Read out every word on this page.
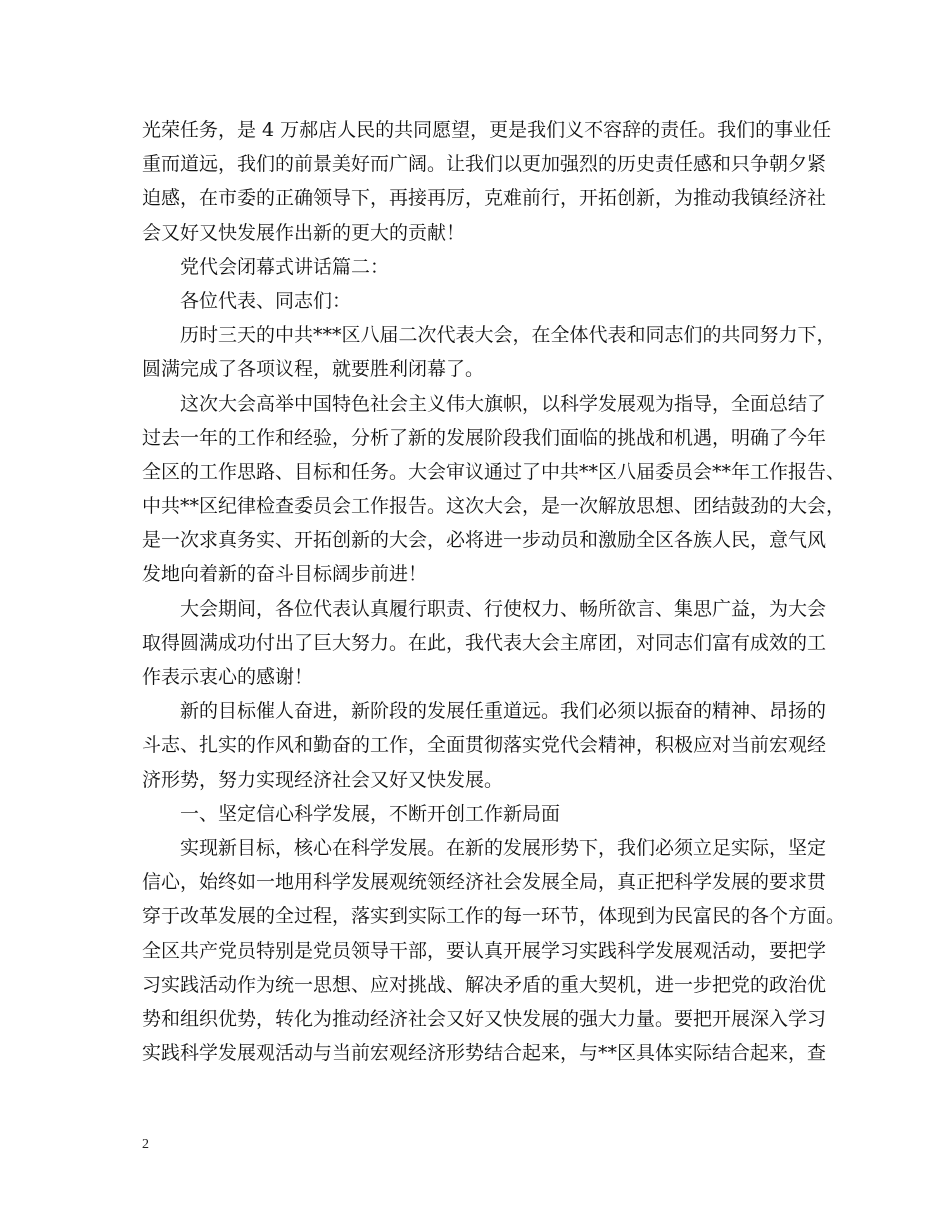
光荣任务，是 4 万郝店人民的共同愿望，更是我们义不容辞的责任。我们的事业任
重而道远，我们的前景美好而广阔。让我们以更加强烈的历史责任感和只争朝夕紧
迫感，在市委的正确领导下，再接再厉，克难前行，开拓创新，为推动我镇经济社
会又好又快发展作出新的更大的贡献！
党代会闭幕式讲话篇二：
各位代表、同志们：
历时三天的中共***区八届二次代表大会，在全体代表和同志们的共同努力下，
圆满完成了各项议程，就要胜利闭幕了。
这次大会高举中国特色社会主义伟大旗帜，以科学发展观为指导，全面总结了
过去一年的工作和经验，分析了新的发展阶段我们面临的挑战和机遇，明确了今年
全区的工作思路、目标和任务。大会审议通过了中共**区八届委员会**年工作报告、
中共**区纪律检查委员会工作报告。这次大会，是一次解放思想、团结鼓劲的大会，
是一次求真务实、开拓创新的大会，必将进一步动员和激励全区各族人民，意气风
发地向着新的奋斗目标阔步前进！
大会期间，各位代表认真履行职责、行使权力、畅所欲言、集思广益，为大会
取得圆满成功付出了巨大努力。在此，我代表大会主席团，对同志们富有成效的工
作表示衷心的感谢！
新的目标催人奋进，新阶段的发展任重道远。我们必须以振奋的精神、昂扬的
斗志、扎实的作风和勤奋的工作，全面贯彻落实党代会精神，积极应对当前宏观经
济形势，努力实现经济社会又好又快发展。
一、坚定信心科学发展，不断开创工作新局面
实现新目标，核心在科学发展。在新的发展形势下，我们必须立足实际，坚定
信心，始终如一地用科学发展观统领经济社会发展全局，真正把科学发展的要求贯
穿于改革发展的全过程，落实到实际工作的每一环节，体现到为民富民的各个方面。
全区共产党员特别是党员领导干部，要认真开展学习实践科学发展观活动，要把学
习实践活动作为统一思想、应对挑战、解决矛盾的重大契机，进一步把党的政治优
势和组织优势，转化为推动经济社会又好又快发展的强大力量。要把开展深入学习
实践科学发展观活动与当前宏观经济形势结合起来，与**区具体实际结合起来，查
2
